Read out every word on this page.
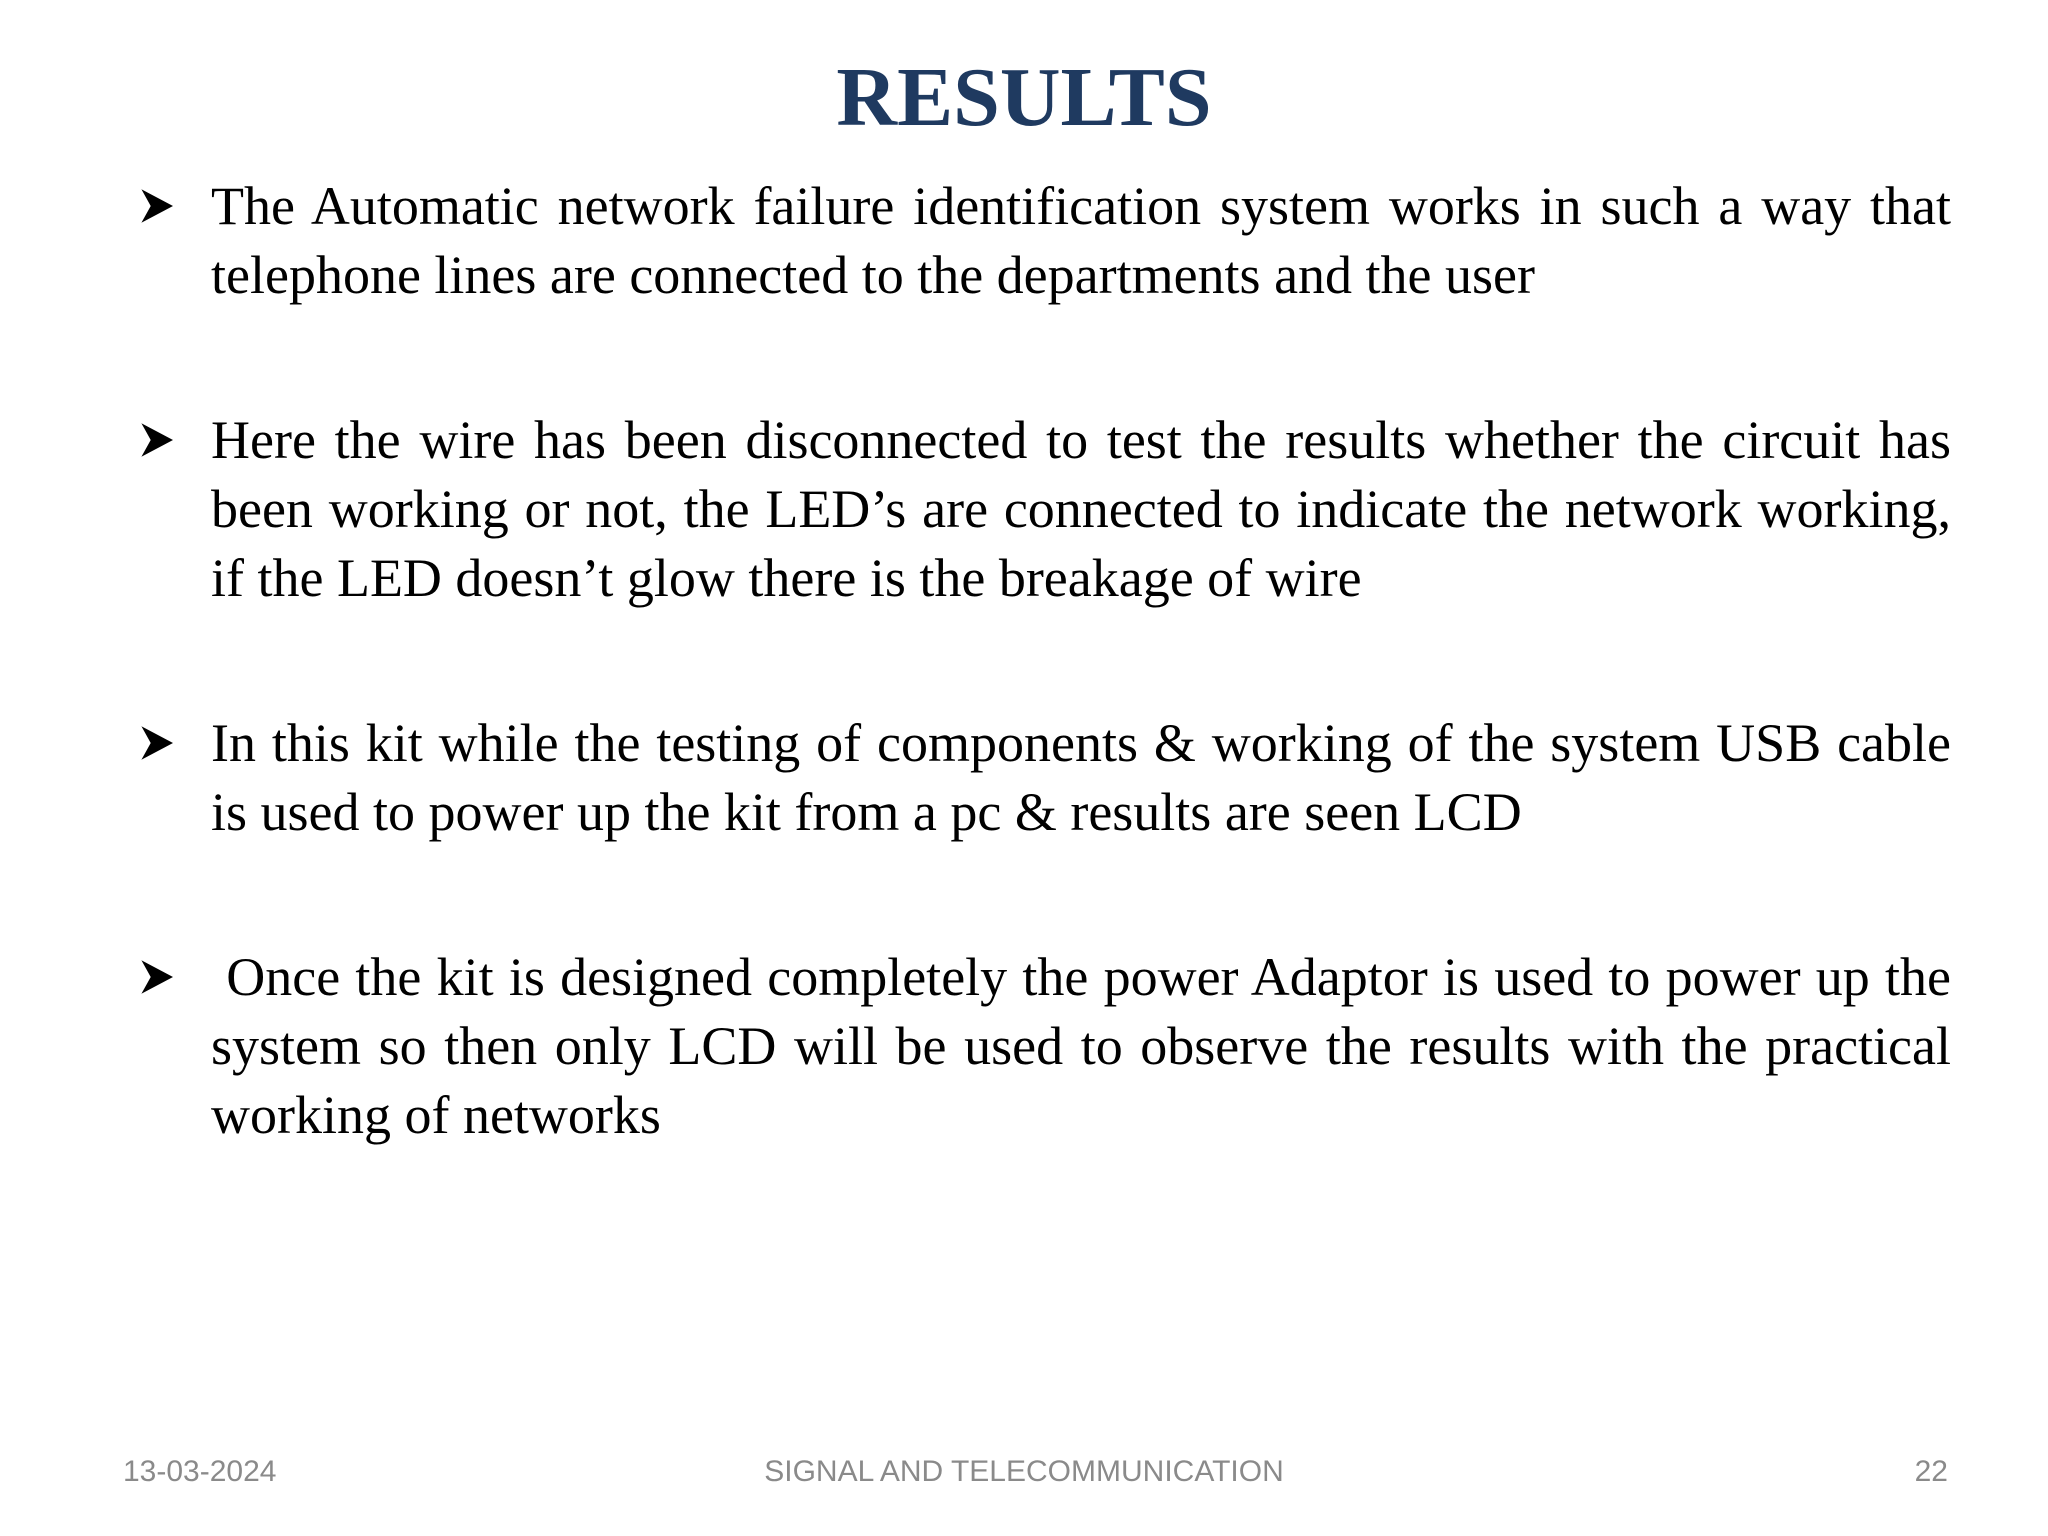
RESULTS
The Automatic network failure identification system works in such a way that telephone lines are connected to the departments and the user
Here the wire has been disconnected to test the results whether the circuit has been working or not, the LED’s are connected to indicate the network working, if the LED doesn’t glow there is the breakage of wire
In this kit while the testing of components & working of the system USB cable is used to power up the kit from a pc & results are seen LCD
Once the kit is designed completely the power Adaptor is used to power up the system so then only LCD will be used to observe the results with the practical working of networks
13-03-2024	SIGNAL AND TELECOMMUNICATION	22
